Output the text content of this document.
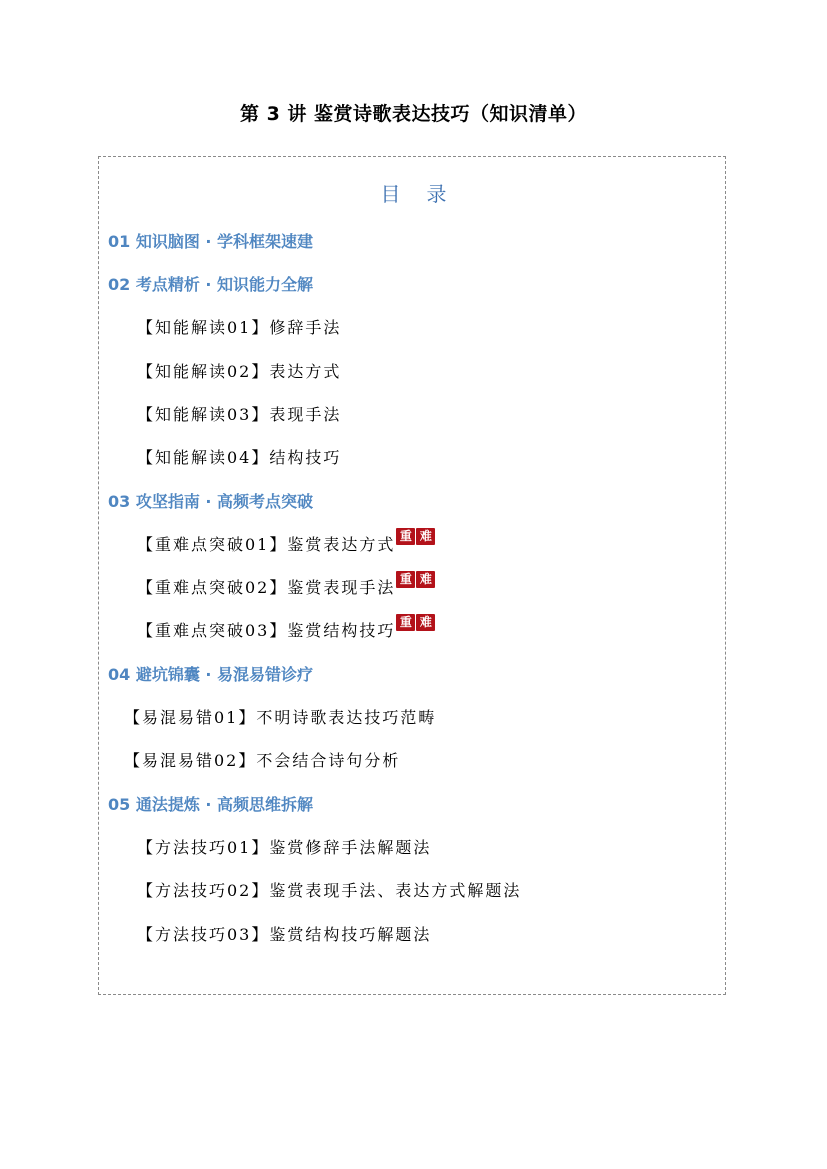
第 3 讲 鉴赏诗歌表达技巧（知识清单）
目录
01 知识脑图 · 学科框架速建
02 考点精析 · 知识能力全解
【知能解读01】修辞手法
【知能解读02】表达方式
【知能解读03】表现手法
【知能解读04】结构技巧
03 攻坚指南 · 高频考点突破
【重难点突破01】鉴赏表达方式 重 难
【重难点突破02】鉴赏表现手法 重 难
【重难点突破03】鉴赏结构技巧 重 难
04 避坑锦囊 · 易混易错诊疗
【易混易错01】不明诗歌表达技巧范畴
【易混易错02】不会结合诗句分析
05 通法提炼 · 高频思维拆解
【方法技巧01】鉴赏修辞手法解题法
【方法技巧02】鉴赏表现手法、表达方式解题法
【方法技巧03】鉴赏结构技巧解题法
